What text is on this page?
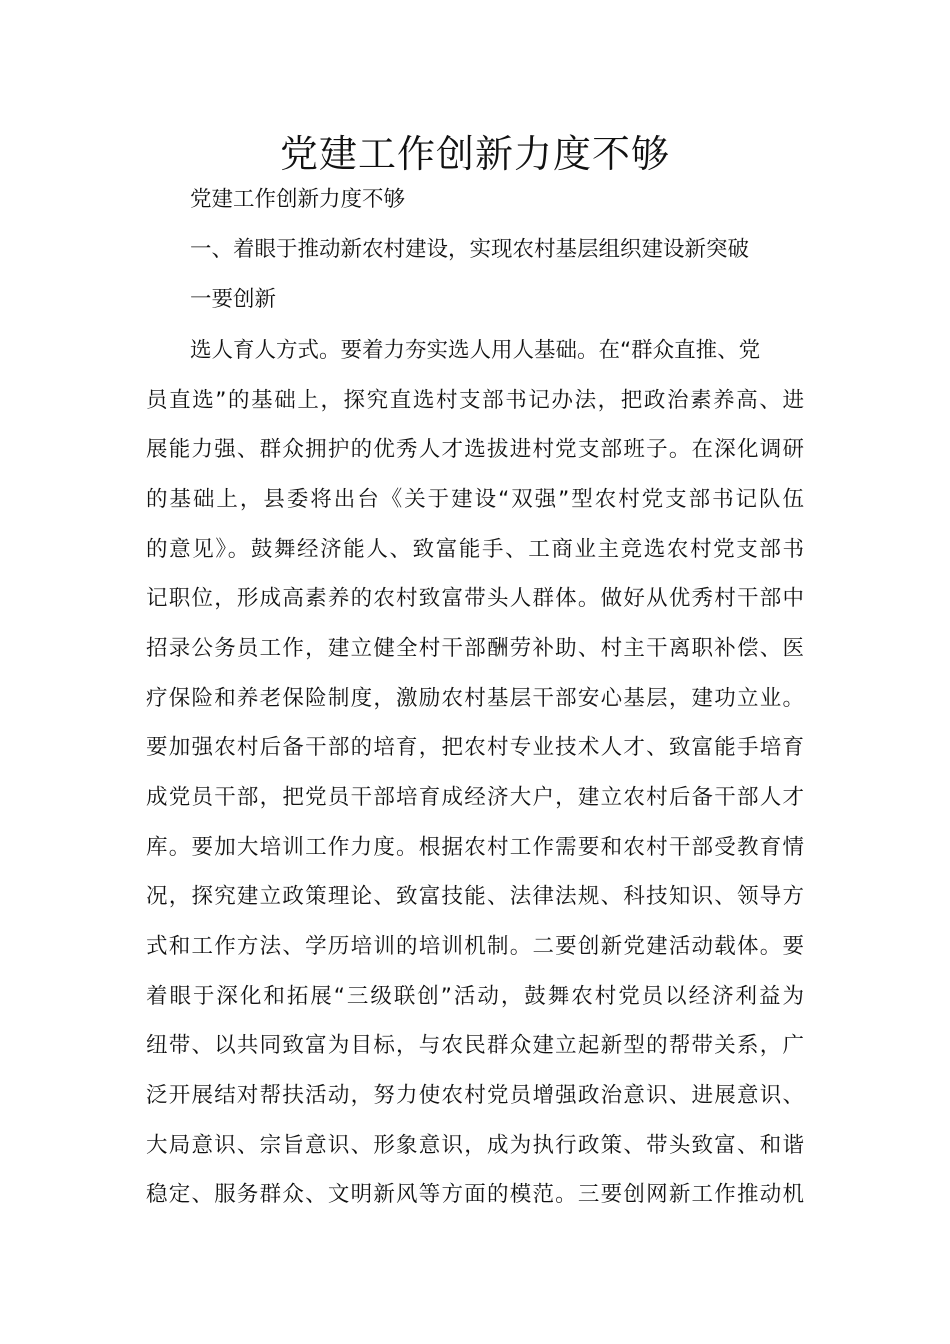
党建工作创新力度不够

党建工作创新力度不够

一、着眼于推动新农村建设，实现农村基层组织建设新突破

一要创新

选人育人方式。要着力夯实选人用人基础。在“群众直推、党

员直选”的基础上，探究直选村支部书记办法，把政治素养高、进

展能力强、群众拥护的优秀人才选拔进村党支部班子。在深化调研

的基础上，县委将出台《关于建设“双强”型农村党支部书记队伍

的意见》。鼓舞经济能人、致富能手、工商业主竞选农村党支部书

记职位，形成高素养的农村致富带头人群体。做好从优秀村干部中

招录公务员工作，建立健全村干部酬劳补助、村主干离职补偿、医

疗保险和养老保险制度，激励农村基层干部安心基层，建功立业。

要加强农村后备干部的培育，把农村专业技术人才、致富能手培育

成党员干部，把党员干部培育成经济大户，建立农村后备干部人才

库。要加大培训工作力度。根据农村工作需要和农村干部受教育情

况，探究建立政策理论、致富技能、法律法规、科技知识、领导方

式和工作方法、学历培训的培训机制。二要创新党建活动载体。要

着眼于深化和拓展“三级联创”活动，鼓舞农村党员以经济利益为

纽带、以共同致富为目标，与农民群众建立起新型的帮带关系，广

泛开展结对帮扶活动，努力使农村党员增强政治意识、进展意识、

大局意识、宗旨意识、形象意识，成为执行政策、带头致富、和谐

稳定、服务群众、文明新风等方面的模范。三要创网新工作推动机
